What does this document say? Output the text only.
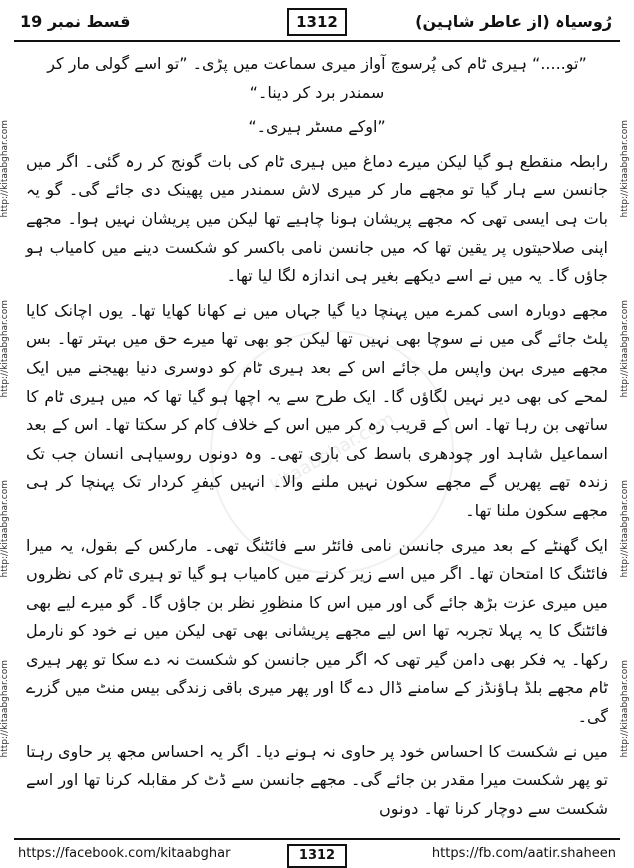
قسط نمبر 19	1312	رُوسیاہ (از عاطر شاہین)
http://kitaabghar.com
http://kitaabghar.com
http://kitaabghar.com
http://kitaabghar.com
http://kitaabghar.com
http://kitaabghar.com
http://kitaabghar.com
http://kitaabghar.com
kitaabghar.com

”تو.....“ ہیری ٹام کی پُرسوچ آواز میری سماعت میں پڑی۔ ”تو اسے گولی مار کر سمندر برد کر دینا۔“

”اوکے مسٹر ہیری۔“

رابطہ منقطع ہو گیا لیکن میرے دماغ میں ہیری ٹام کی بات گونج کر رہ گئی۔ اگر میں جانسن سے ہار گیا تو مجھے مار کر میری لاش سمندر میں پھینک دی جائے گی۔ گو یہ بات ہی ایسی تھی کہ مجھے پریشان ہونا چاہیے تھا لیکن میں پریشان نہیں ہوا۔ مجھے اپنی صلاحیتوں پر یقین تھا کہ میں جانسن نامی باکسر کو شکست دینے میں کامیاب ہو جاؤں گا۔ یہ میں نے اسے دیکھے بغیر ہی اندازہ لگا لیا تھا۔

مجھے دوبارہ اسی کمرے میں پہنچا دیا گیا جہاں میں نے کھانا کھایا تھا۔ یوں اچانک کایا پلٹ جائے گی میں نے سوچا بھی نہیں تھا لیکن جو بھی تھا میرے حق میں بہتر تھا۔ بس مجھے میری بہن واپس مل جائے اس کے بعد ہیری ٹام کو دوسری دنیا بھیجنے میں ایک لمحے کی بھی دیر نہیں لگاؤں گا۔ ایک طرح سے یہ اچھا ہو گیا تھا کہ میں ہیری ٹام کا ساتھی بن رہا تھا۔ اس کے قریب رہ کر میں اس کے خلاف کام کر سکتا تھا۔ اس کے بعد اسماعیل شاہد اور چودھری باسط کی باری تھی۔ وہ دونوں روسیاہی انسان جب تک زندہ تھے پھریں گے مجھے سکون نہیں ملنے والا۔ انہیں کیفرِ کردار تک پہنچا کر ہی مجھے سکون ملنا تھا۔

ایک گھنٹے کے بعد میری جانسن نامی فائٹر سے فائٹنگ تھی۔ مارکس کے بقول، یہ میرا فائٹنگ کا امتحان تھا۔ اگر میں اسے زیر کرنے میں کامیاب ہو گیا تو ہیری ٹام کی نظروں میں میری عزت بڑھ جائے گی اور میں اس کا منظورِ نظر بن جاؤں گا۔ گو میرے لیے بھی فائٹنگ کا یہ پہلا تجربہ تھا اس لیے مجھے پریشانی بھی تھی لیکن میں نے خود کو نارمل رکھا۔ یہ فکر بھی دامن گیر تھی کہ اگر میں جانسن کو شکست نہ دے سکا تو پھر ہیری ٹام مجھے بلڈ ہاؤنڈز کے سامنے ڈال دے گا اور پھر میری باقی زندگی بیس منٹ میں گزرے گی۔

میں نے شکست کا احساس خود پر حاوی نہ ہونے دیا۔ اگر یہ احساس مجھ پر حاوی رہتا تو پھر شکست میرا مقدر بن جائے گی۔ مجھے جانسن سے ڈٹ کر مقابلہ کرنا تھا اور اسے شکست سے دوچار کرنا تھا۔ دونوں

https://facebook.com/kitaabghar	1312	https://fb.com/aatir.shaheen
